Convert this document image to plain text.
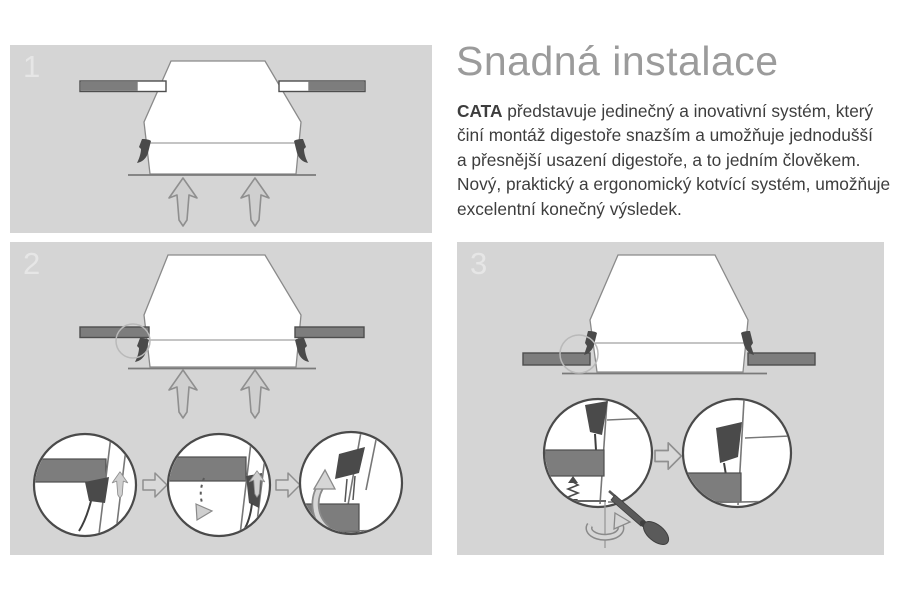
1	Snadná instalace
CATA představuje jedinečný a inovativní systém, který
činí montáž digestoře snazším a umožňuje jednodušší
a přesnější usazení digestoře, a to jedním člověkem.
Nový, praktický a ergonomický kotvící systém, umožňuje
excelentní konečný výsledek.
2	3
